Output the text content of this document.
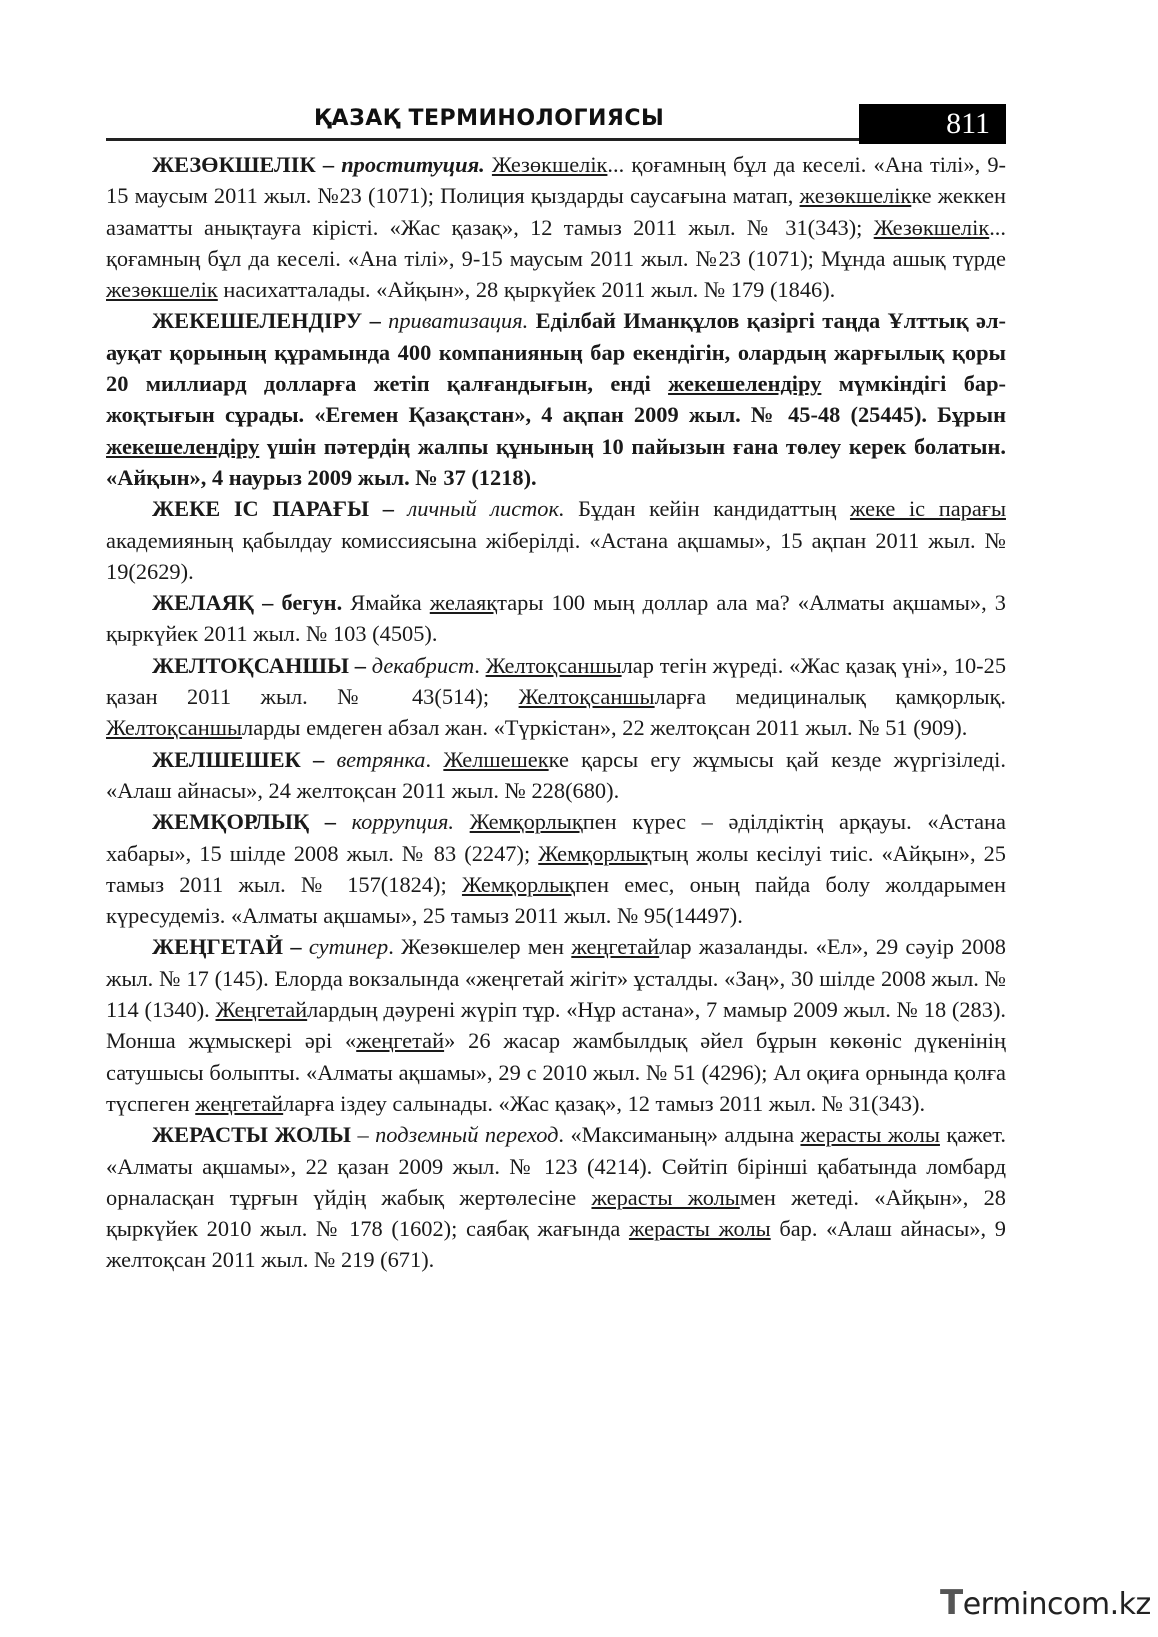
ҚАЗАҚ ТЕРМИНОЛОГИЯСЫ	811

ЖЕЗӨКШЕЛІК – проституция. Жезөкшелік... қоғамның бұл да кеселі. «Ана тілі», 9-15 маусым 2011 жыл. №23 (1071); Полиция қыздарды саусағына матап, жезөкшелікке жеккен азаматты анықтауға кірісті. «Жас қазақ», 12 тамыз 2011 жыл. № 31(343); Жезөкшелік... қоғамның бұл да кеселі. «Ана тілі», 9-15 маусым 2011 жыл. №23 (1071); Мұнда ашық түрде жезөкшелік насихатталады. «Айқын», 28 қыркүйек 2011 жыл. № 179 (1846).

ЖЕКЕШЕЛЕНДІРУ – приватизация. Еділбай Иманқұлов қазіргі таңда Ұлттық әл-ауқат қорының құрамында 400 компанияның бар екендігін, олардың жарғылық қоры 20 миллиард долларға жетіп қалғандығын, енді жекешелендіру мүмкіндігі бар-жоқтығын сұрады. «Егемен Қазақстан», 4 ақпан 2009 жыл. № 45-48 (25445). Бұрын жекешелендіру үшін пәтердің жалпы құнының 10 пайызын ғана төлеу керек болатын. «Айқын», 4 наурыз 2009 жыл. № 37 (1218).

ЖЕКЕ ІС ПАРАҒЫ – личный листок. Бұдан кейін кандидаттың жеке іс парағы академияның қабылдау комиссиясына жіберілді. «Астана ақшамы», 15 ақпан 2011 жыл. № 19(2629).

ЖЕЛАЯҚ – бегун. Ямайка желаяқтары 100 мың доллар ала ма? «Алматы ақшамы», 3 қыркүйек 2011 жыл. № 103 (4505).

ЖЕЛТОҚСАНШЫ – декабрист. Желтоқсаншылар тегін жүреді. «Жас қазақ үні», 10-25 қазан 2011 жыл. № 43(514); Желтоқсаншыларға медициналық қамқорлық. Желтоқсаншыларды емдеген абзал жан. «Түркістан», 22 желтоқсан 2011 жыл. № 51 (909).

ЖЕЛШЕШЕК – ветрянка. Желшешекке қарсы егу жұмысы қай кезде жүргізіледі. «Алаш айнасы», 24 желтоқсан 2011 жыл. № 228(680).

ЖЕМҚОРЛЫҚ – коррупция. Жемқорлықпен күрес – әділдіктің арқауы. «Астана хабары», 15 шілде 2008 жыл. № 83 (2247); Жемқорлықтың жолы кесілуі тиіс. «Айқын», 25 тамыз 2011 жыл. № 157(1824); Жемқорлықпен емес, оның пайда болу жолдарымен күресудеміз. «Алматы ақшамы», 25 тамыз 2011 жыл. № 95(14497).

ЖЕҢГЕТАЙ – сутинер. Жезөкшелер мен жеңгетайлар жазаланды. «Ел», 29 сәуір 2008 жыл. № 17 (145). Елорда вокзалында «жеңгетай жігіт» ұсталды. «Заң», 30 шілде 2008 жыл. № 114 (1340). Жеңгетайлардың дәурені жүріп тұр. «Нұр астана», 7 мамыр 2009 жыл. № 18 (283). Монша жұмыскері әрі «жеңгетай» 26 жасар жамбылдық әйел бұрын көкөніс дүкенінің сатушысы болыпты. «Алматы ақшамы», 29 с 2010 жыл. № 51 (4296); Ал оқиға орнында қолға түспеген жеңгетайларға іздеу салынады. «Жас қазақ», 12 тамыз 2011 жыл. № 31(343).

ЖЕРАСТЫ ЖОЛЫ – подземный переход. «Максиманың» алдына жерасты жолы қажет. «Алматы ақшамы», 22 қазан 2009 жыл. № 123 (4214). Сөйтіп бірінші қабатында ломбард орналасқан тұрғын үйдің жабық жертөлесіне жерасты жолымен жетеді. «Айқын», 28 қыркүйек 2010 жыл. № 178 (1602); саябақ жағында жерасты жолы бар. «Алаш айнасы», 9 желтоқсан 2011 жыл. № 219 (671).

Termincom.kz
